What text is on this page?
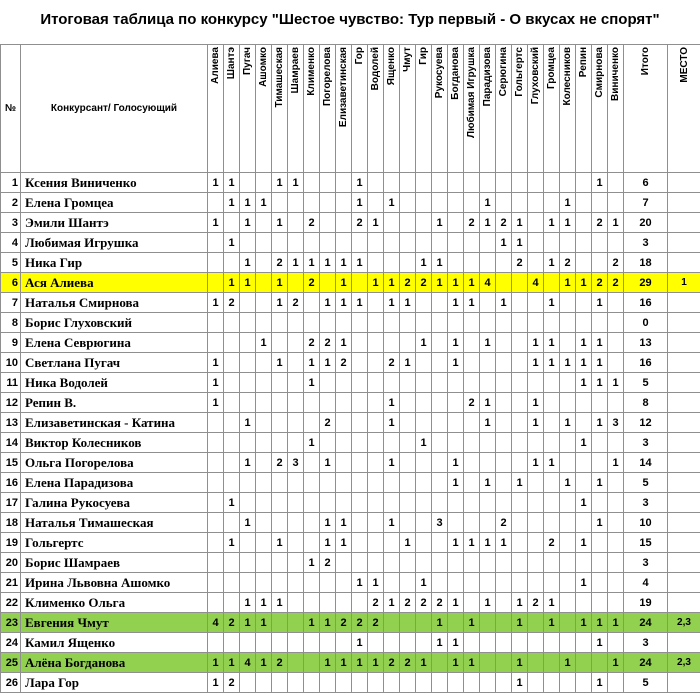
Итоговая таблица по конкурсу "Шестое чувство: Тур первый - О вкусах не спорят"
№	Конкурсант/ Голосующий	Алиева	Шантэ	Пугач	Ашомко	Тимашеская	Шамраев	Клименко	Погорелова	Елизаветинская	Гор	Водолей	Ященко	Чмут	Гир	Рукосуева	Богданова	Любимая Игрушка	Парадизова	Серюгина	Гольгертс	Глуховский	Громцеа	Колесников	Репин	Смирнова	Виниченко	Итого	МЕСТО
1	Ксения Виниченко	1	1			1	1				1															1		6	
2	Елена Громцеа		1	1	1						1		1						1					1				7	
3	Эмили Шантэ	1		1		1		2			2	1				1		2	1	2	1		1	1		2	1	20	
4	Любимая Игрушка		1																	1	1							3	
5	Ника Гир			1		2	1	1	1	1	1				1	1					2		1	2			2	18	
6	Ася Алиева		1	1		1		2		1		1	1	2	2	1	1	1	4			4		1	1	2	2	29	1
7	Наталья Смирнова	1	2			1	2		1	1	1		1	1			1	1		1			1			1		16	
8	Борис Глуховский																											0	
9	Елена Севрюгина				1			2	2	1					1		1		1			1	1		1	1		13	
10	Светлана Пугач	1				1		1	1	2			2	1			1					1	1	1	1	1		16	
11	Ника Водолей	1						1																	1	1	1	5	
12	Репин В.	1											1					2	1			1						8	
13	Елизаветинская - Катина			1					2				1						1			1		1		1	3	12	
14	Виктор Колесников							1							1										1			3	
15	Ольга Погорелова			1		2	3		1				1				1					1	1				1	14	
16	Елена Парадизова																1		1		1			1		1		5	
17	Галина Рукосуева		1																						1			3	
18	Наталья Тимашеская			1					1	1			1			3				2						1		10	
19	Гольгертс		1			1			1	1				1			1	1	1	1			2		1			15	
20	Борис Шамраев							1	2																			3	
21	Ирина Львовна Ашомко										1	1			1										1			4	
22	Клименко Ольга			1	1	1						2	1	2	2	2	1		1		1	2	1					19	
23	Евгения Чмут	4	2	1	1			1	1	2	2	2				1		1			1		1		1	1	1	24	2,3
24	Камил Ященко										1					1	1									1		3	
25	Алёна Богданова	1	1	4	1	2			1	1	1	1	2	2	1		1	1			1			1			1	24	2,3
26	Лара Гор	1	2																		1					1		5	
